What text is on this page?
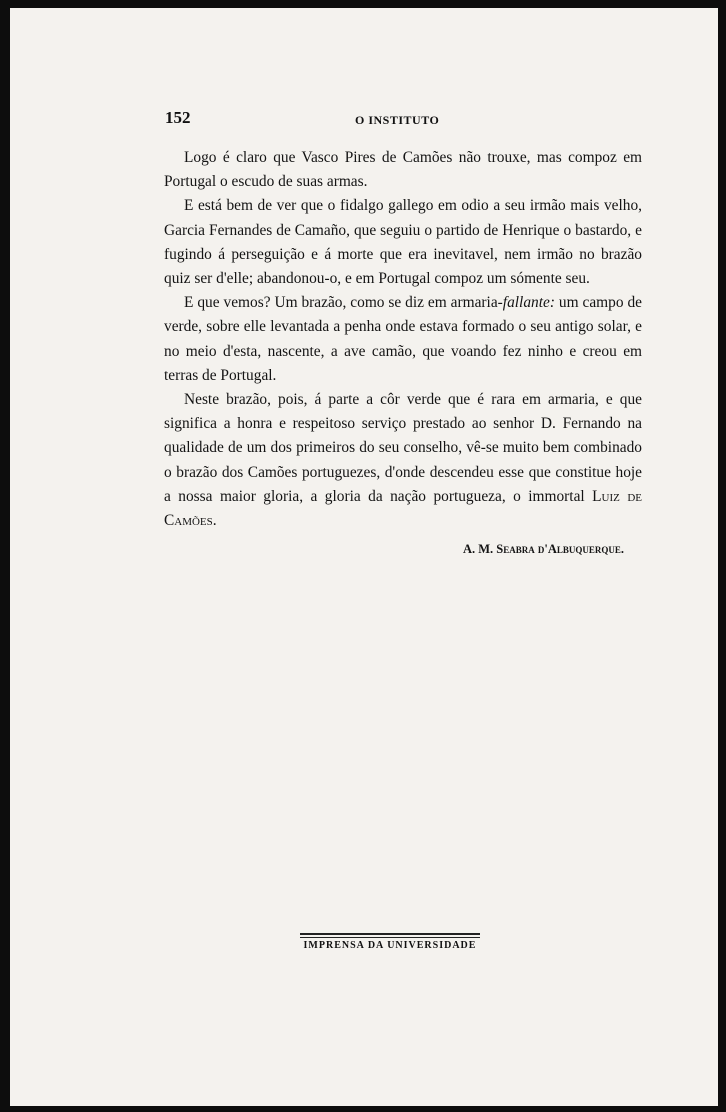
152	O INSTITUTO

Logo é claro que Vasco Pires de Camões não trouxe, mas compoz em Portugal o escudo de suas armas.

E está bem de ver que o fidalgo gallego em odio a seu irmão mais velho, Garcia Fernandes de Camaño, que seguiu o partido de Henrique o bastardo, e fugindo á perseguição e á morte que era inevitavel, nem irmão no brazão quiz ser d'elle; abandonou-o, e em Portugal compoz um sómente seu.

E que vemos? Um brazão, como se diz em armaria-fallante: um campo de verde, sobre elle levantada a penha onde estava formado o seu antigo solar, e no meio d'esta, nascente, a ave camão, que voando fez ninho e creou em terras de Portugal.

Neste brazão, pois, á parte a côr verde que é rara em armaria, e que significa a honra e respeitoso serviço prestado ao senhor D. Fernando na qualidade de um dos primeiros do seu conselho, vê-se muito bem combinado o brazão dos Camões portuguezes, d'onde descendeu esse que constitue hoje a nossa maior gloria, a gloria da nação portugueza, o immortal Luiz de Camões.

A. M. Seabra d'Albuquerque.
IMPRENSA DA UNIVERSIDADE
